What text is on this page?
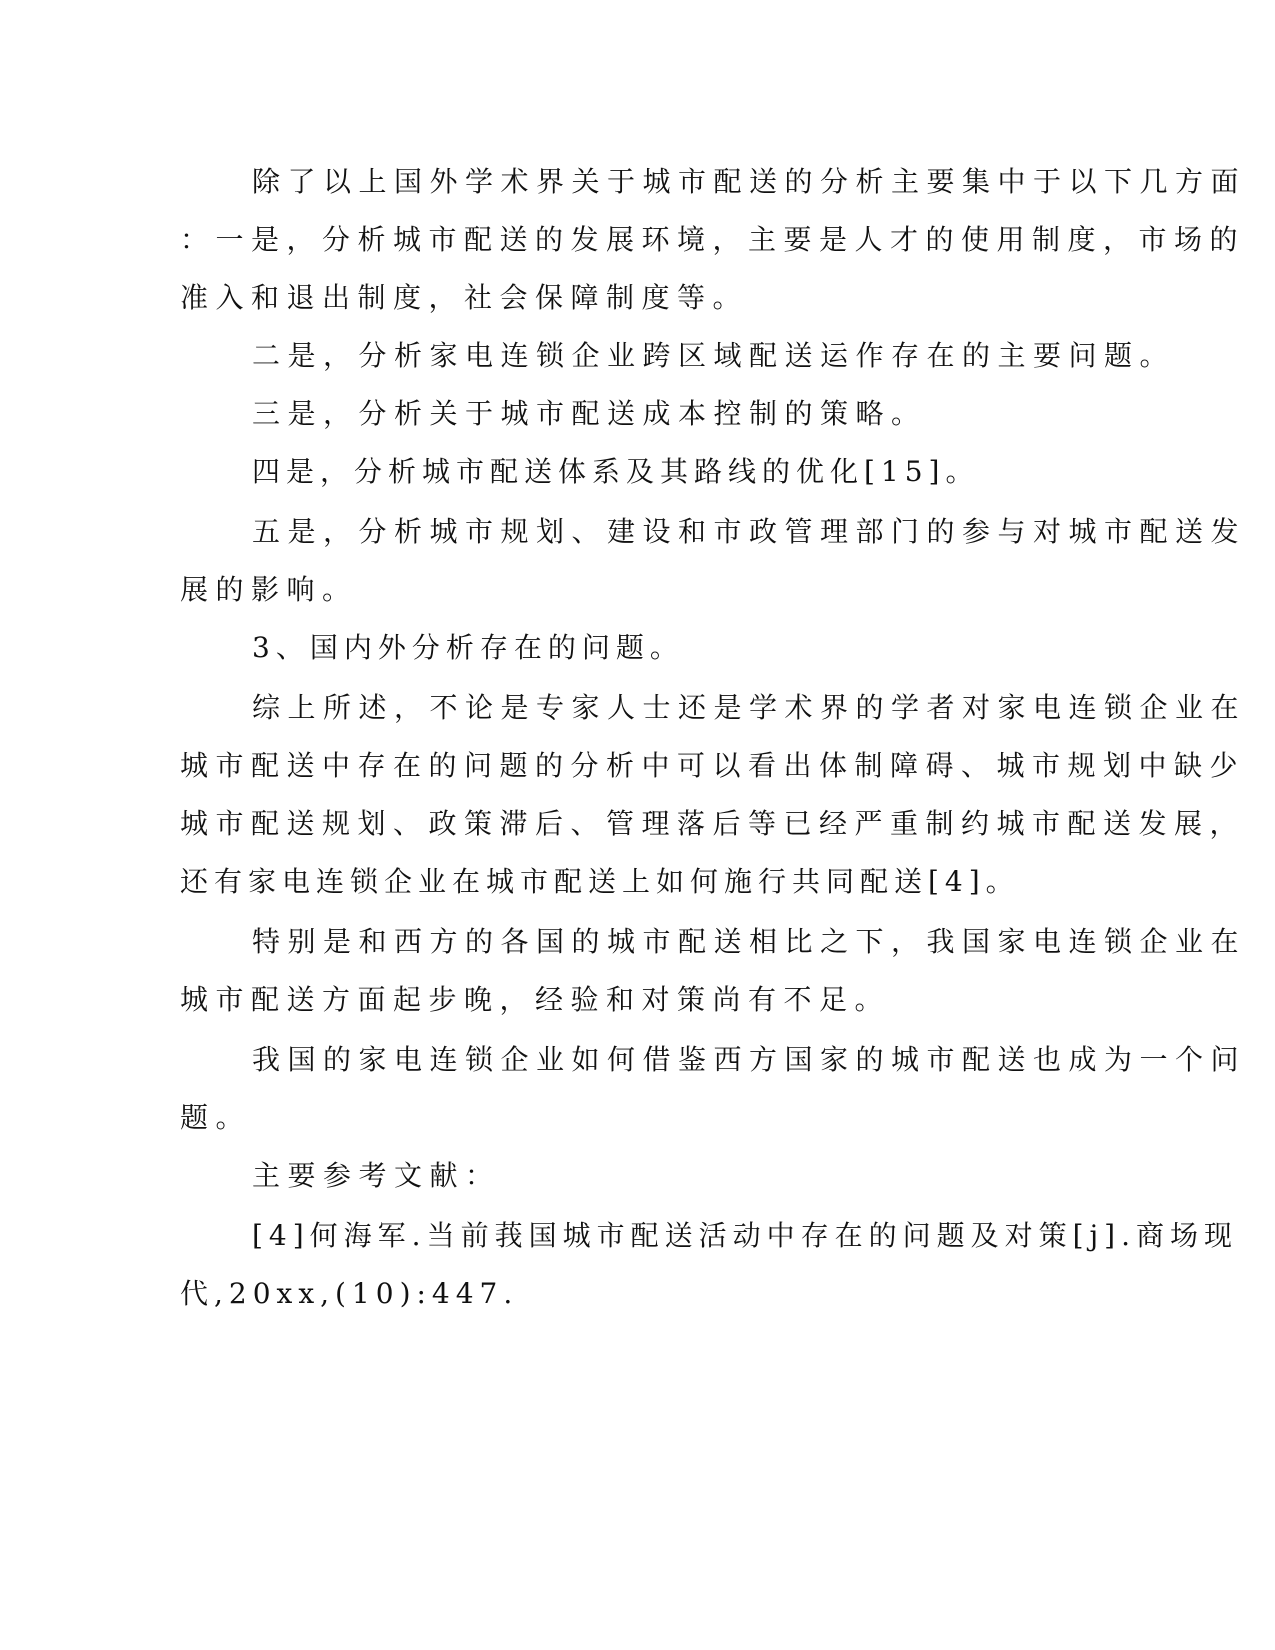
除了以上国外学术界关于城市配送的分析主要集中于以下几方面

：一是，分析城市配送的发展环境，主要是人才的使用制度，市场的

准入和退出制度，社会保障制度等。

二是，分析家电连锁企业跨区域配送运作存在的主要问题。

三是，分析关于城市配送成本控制的策略。

四是，分析城市配送体系及其路线的优化[15]。

五是，分析城市规划、建设和市政管理部门的参与对城市配送发

展的影响。

3、国内外分析存在的问题。

综上所述，不论是专家人士还是学术界的学者对家电连锁企业在

城市配送中存在的问题的分析中可以看出体制障碍、城市规划中缺少

城市配送规划、政策滞后、管理落后等已经严重制约城市配送发展，

还有家电连锁企业在城市配送上如何施行共同配送[4]。

特别是和西方的各国的城市配送相比之下，我国家电连锁企业在

城市配送方面起步晚，经验和对策尚有不足。

我国的家电连锁企业如何借鉴西方国家的城市配送也成为一个问

题。

主要参考文献：

[4]何海军.当前莪国城市配送活动中存在的问题及对策[j].商场现

代,20xx,(10):447.
